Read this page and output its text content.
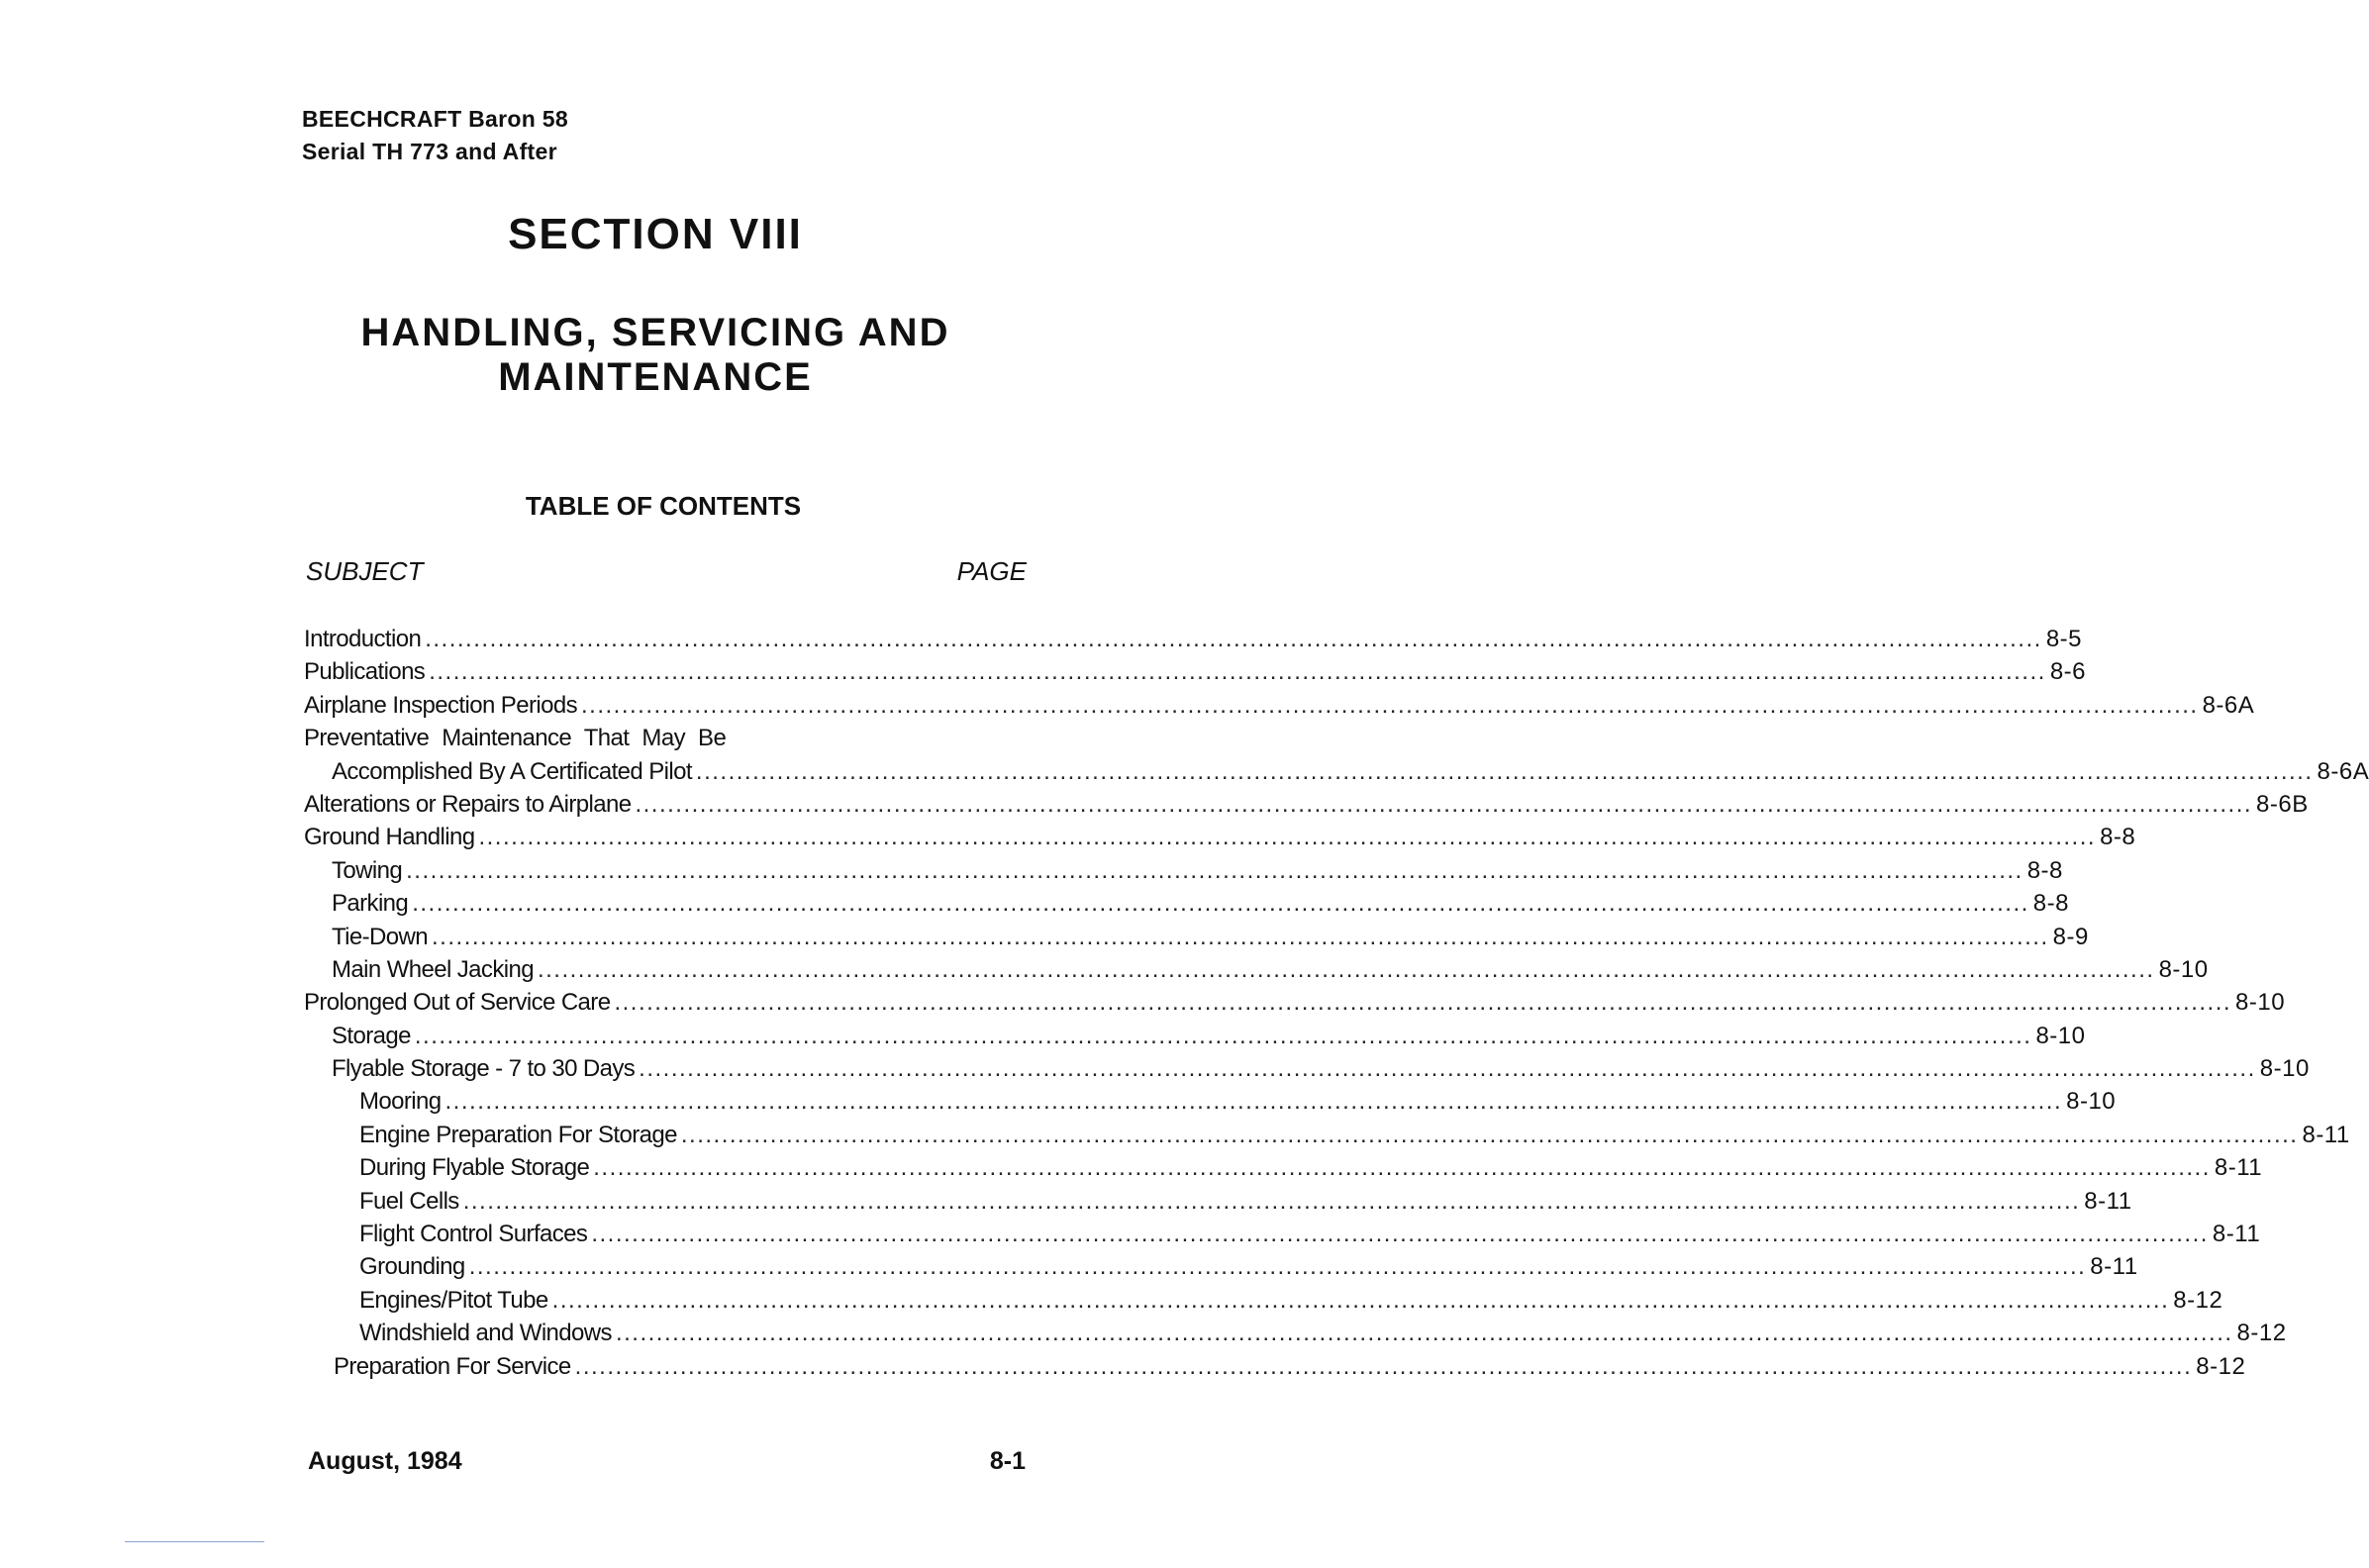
BEECHCRAFT Baron 58
Serial TH 773 and After
SECTION VIII
HANDLING, SERVICING AND
MAINTENANCE
TABLE OF CONTENTS
SUBJECT	PAGE
Introduction ........................................................................................................................................................................................................ 8-5
Publications ........................................................................................................................................................................................................ 8-6
Airplane Inspection Periods ........................................................................................................................................................................................................ 8-6A
Preventative Maintenance That May Be
Accomplished By A Certificated Pilot ........................................................................................................................................................................................................ 8-6A
Alterations or Repairs to Airplane ........................................................................................................................................................................................................ 8-6B
Ground Handling ........................................................................................................................................................................................................ 8-8
Towing ........................................................................................................................................................................................................ 8-8
Parking ........................................................................................................................................................................................................ 8-8
Tie-Down ........................................................................................................................................................................................................ 8-9
Main Wheel Jacking ........................................................................................................................................................................................................ 8-10
Prolonged Out of Service Care ........................................................................................................................................................................................................ 8-10
Storage ........................................................................................................................................................................................................ 8-10
Flyable Storage - 7 to 30 Days ........................................................................................................................................................................................................ 8-10
Mooring ........................................................................................................................................................................................................ 8-10
Engine Preparation For Storage ........................................................................................................................................................................................................ 8-11
During Flyable Storage ........................................................................................................................................................................................................ 8-11
Fuel Cells ........................................................................................................................................................................................................ 8-11
Flight Control Surfaces ........................................................................................................................................................................................................ 8-11
Grounding ........................................................................................................................................................................................................ 8-11
Engines/Pitot Tube ........................................................................................................................................................................................................ 8-12
Windshield and Windows ........................................................................................................................................................................................................ 8-12
Preparation For Service ........................................................................................................................................................................................................ 8-12
August, 1984	8-1
